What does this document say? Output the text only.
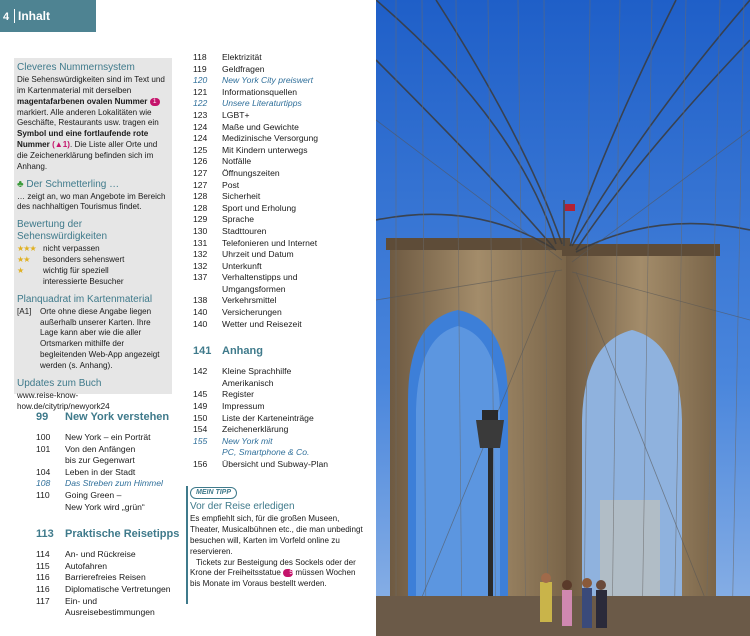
4 Inhalt
Cleveres Nummernsystem

Die Sehenswürdigkeiten sind im Text und im Kartenmaterial mit derselben magentafarbenen ovalen Nummer 1 markiert. Alle anderen Lokalitäten wie Geschäfte, Restaurants usw. tragen ein Symbol und eine fortlaufende rote Nummer (▲1). Die Liste aller Orte und die Zeichenerklärung befinden sich im Anhang.

♣ Der Schmetterling …

… zeigt an, wo man Angebote im Bereich des nachhaltigen Tourismus findet.

Bewertung der
Sehenswürdigkeiten
★★★ nicht verpassen
★★	besonders sehenswert
★	wichtig für speziell
interessierte Besucher
Planquadrat im Kartenmaterial
[A1]	Orte ohne diese Angabe liegen außerhalb unserer Karten. Ihre Lage kann aber wie die aller Ortsmarken mithilfe der begleitenden Web-App angezeigt werden (s. Anhang).
Updates zum Buch

www.reise-know-how.de/citytrip/newyork24

99	New York verstehen
100	New York – ein Porträt
101	Von den Anfängen
bis zur Gegenwart
104	Leben in der Stadt
108	Das Streben zum Himmel
110	Going Green –
New York wird „grün“
113	Praktische Reisetipps
114	An- und Rückreise
115	Autofahren
116	Barrierefreies Reisen
116	Diplomatische Vertretungen
117	Ein- und Ausreisebestimmungen
118	Elektrizität
119	Geldfragen
120	New York City preiswert
121	Informationsquellen
122	Unsere Literaturtipps
123	LGBT+
124	Maße und Gewichte
124	Medizinische Versorgung
125	Mit Kindern unterwegs
126	Notfälle
127	Öffnungszeiten
127	Post
128	Sicherheit
128	Sport und Erholung
129	Sprache
130	Stadttouren
131	Telefonieren und Internet
132	Uhrzeit und Datum
132	Unterkunft
137	Verhaltenstipps und
Umgangsformen
138	Verkehrsmittel
140	Versicherungen
140	Wetter und Reisezeit
141 Anhang
142	Kleine Sprachhilfe
Amerikanisch
145	Register
149	Impressum
150	Liste der Karteneinträge
154	Zeichenerklärung
155	New York mit
PC, Smartphone & Co.
156	Übersicht und Subway-Plan
MEIN TIPP
Vor der Reise erledigen

Es empfiehlt sich, für die großen Museen, Theater, Musicalbühnen etc., die man unbedingt besuchen will, Karten im Vorfeld online zu reservieren.

Tickets zur Besteigung des Sockels oder der Krone der Freiheitsstatue 5 müssen Wochen bis Monate im Voraus bestellt werden.
